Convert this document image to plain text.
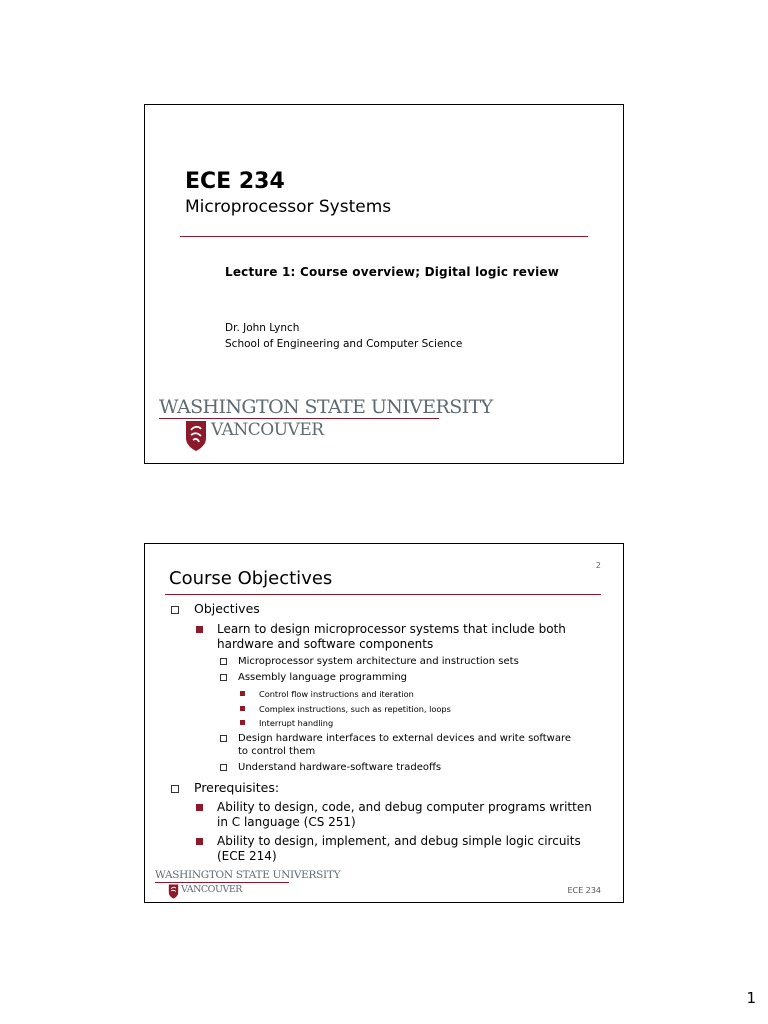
ECE 234
Microprocessor Systems
Lecture 1: Course overview; Digital logic review
Dr. John Lynch
School of Engineering and Computer Science
WASHINGTON STATE UNIVERSITY
VANCOUVER
2
Course Objectives
Objectives
Learn to design microprocessor systems that include both
hardware and software components
Microprocessor system architecture and instruction sets
Assembly language programming
Control flow instructions and iteration
Complex instructions, such as repetition, loops
Interrupt handling
Design hardware interfaces to external devices and write software
to control them
Understand hardware-software tradeoffs
Prerequisites:
Ability to design, code, and debug computer programs written
in C language (CS 251)
Ability to design, implement, and debug simple logic circuits
(ECE 214)
WASHINGTON STATE UNIVERSITY
VANCOUVER	ECE 234
1
